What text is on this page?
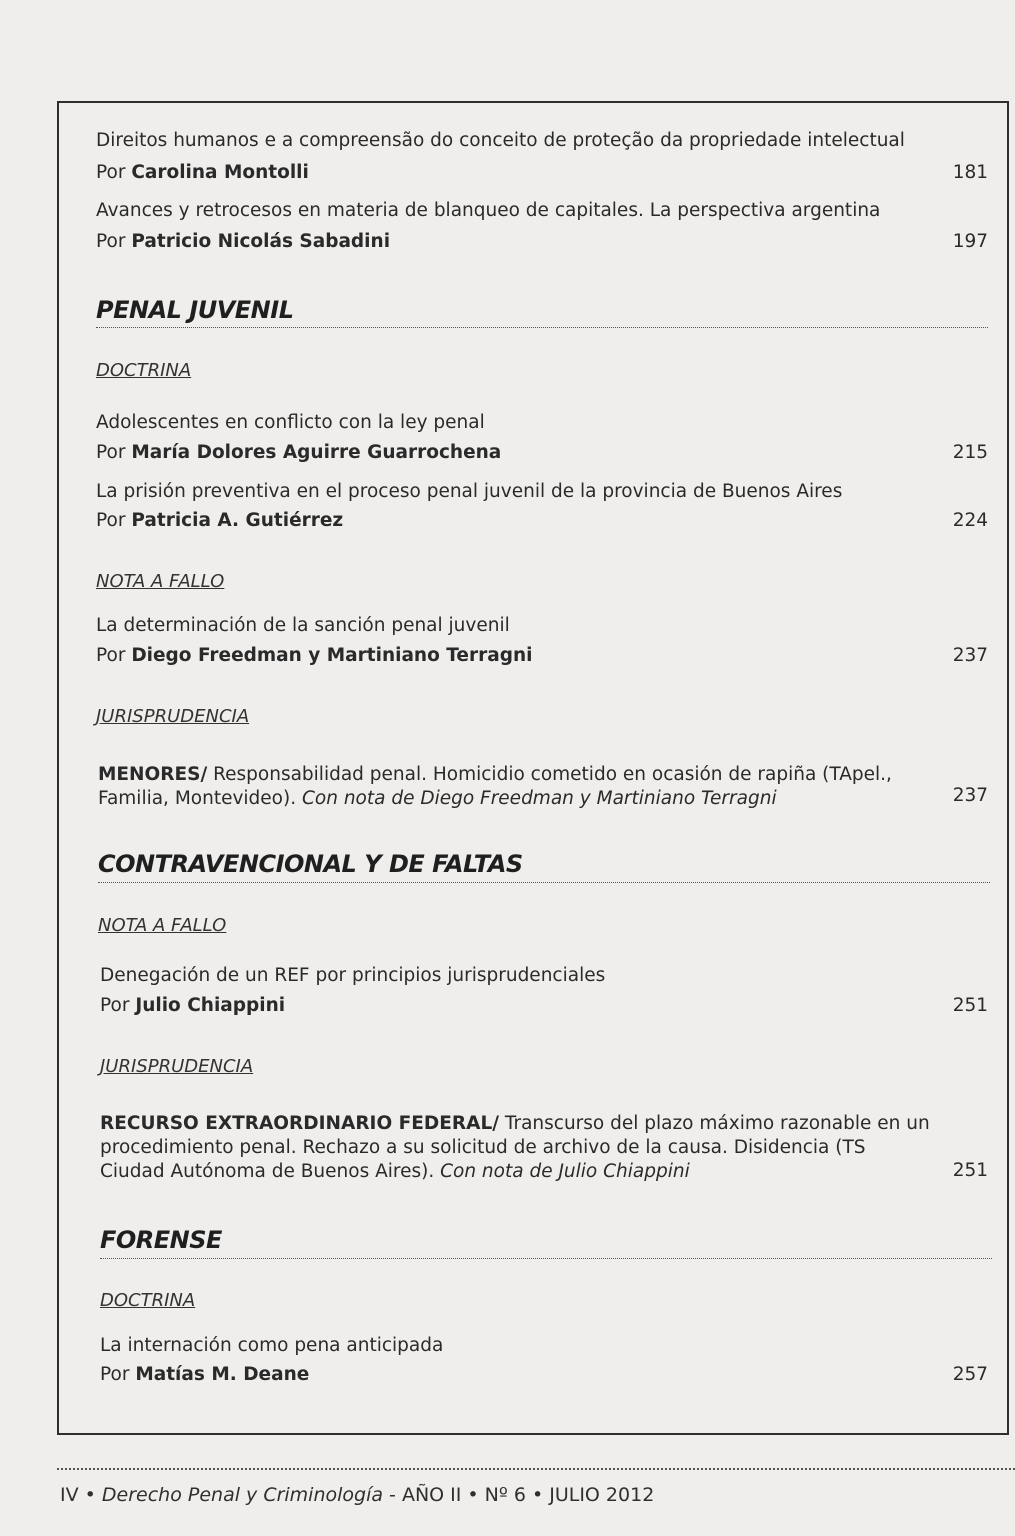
Direitos humanos e a compreensão do conceito de proteção da propriedade intelectual
Por Carolina Montolli	181
Avances y retrocesos en materia de blanqueo de capitales. La perspectiva argentina
Por Patricio Nicolás Sabadini	197
PENAL JUVENIL
DOCTRINA
Adolescentes en conflicto con la ley penal
Por María Dolores Aguirre Guarrochena	215
La prisión preventiva en el proceso penal juvenil de la provincia de Buenos Aires
Por Patricia A. Gutiérrez	224
NOTA A FALLO
La determinación de la sanción penal juvenil
Por Diego Freedman y Martiniano Terragni	237
JURISPRUDENCIA
MENORES/ Responsabilidad penal. Homicidio cometido en ocasión de rapiña (TApel., Familia, Montevideo). Con nota de Diego Freedman y Martiniano Terragni	237
CONTRAVENCIONAL Y DE FALTAS
NOTA A FALLO
Denegación de un REF por principios jurisprudenciales
Por Julio Chiappini	251
JURISPRUDENCIA
RECURSO EXTRAORDINARIO FEDERAL/ Transcurso del plazo máximo razonable en un procedimiento penal. Rechazo a su solicitud de archivo de la causa. Disidencia (TS Ciudad Autónoma de Buenos Aires). Con nota de Julio Chiappini	251
FORENSE
DOCTRINA
La internación como pena anticipada
Por Matías M. Deane	257
IV • Derecho Penal y Criminología - AÑO II • Nº 6 • JULIO 2012
